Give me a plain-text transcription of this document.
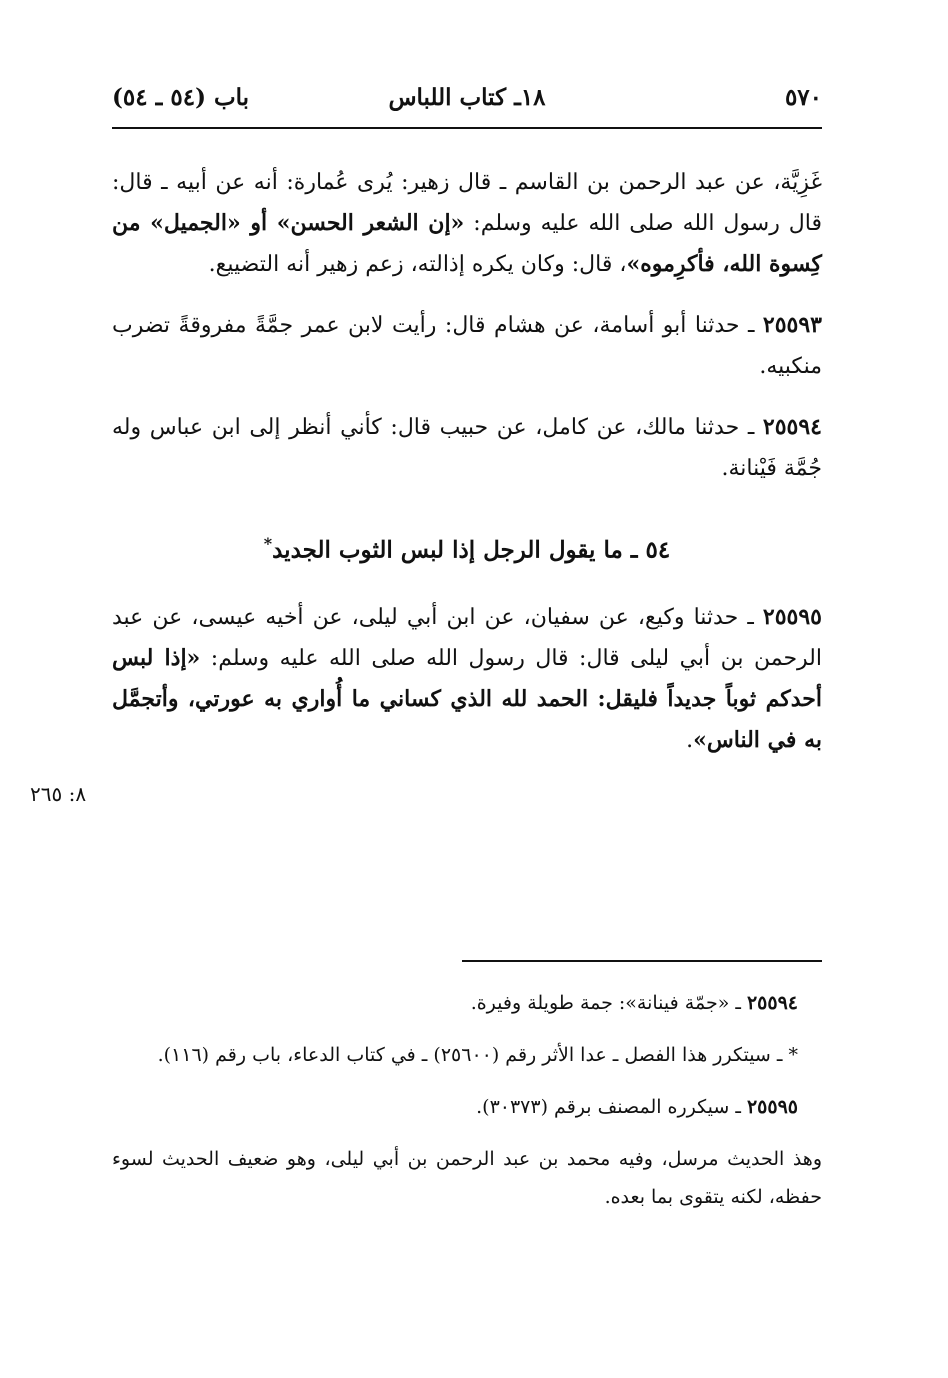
٥٧٠
١٨ـ كتاب اللباس
باب (٥٤ ـ ٥٤)
٨: ٢٦٥

غَزِيَّة، عن عبد الرحمن بن القاسم ـ قال زهير: يُرى عُمارة: أنه عن أبيه ـ قال: قال رسول الله صلى الله عليه وسلم: «إن الشعر الحسن» أو «الجميل» من كِسوة الله، فأكرِموه»، قال: وكان يكره إذالته، زعم زهير أنه التضييع.

٢٥٥٩٣ ـ حدثنا أبو أسامة، عن هشام قال: رأيت لابن عمر جمَّةً مفروقةً تضرب منكبيه.

٢٥٥٩٤ ـ حدثنا مالك، عن كامل، عن حبيب قال: كأني أنظر إلى ابن عباس وله جُمَّة فَيْنانة.

٥٤ ـ ما يقول الرجل إذا لبس الثوب الجديد*

٢٥٥٩٥ ـ حدثنا وكيع، عن سفيان، عن ابن أبي ليلى، عن أخيه عيسى، عن عبد الرحمن بن أبي ليلى قال: قال رسول الله صلى الله عليه وسلم: «إذا لبس أحدكم ثوباً جديداً فليقل: الحمد لله الذي كساني ما أُواري به عورتي، وأتجمَّل به في الناس».

٢٥٥٩٤ ـ «جمّة فينانة»: جمة طويلة وفيرة.

* ـ سيتكرر هذا الفصل ـ عدا الأثر رقم (٢٥٦٠٠) ـ في كتاب الدعاء، باب رقم (١١٦).

٢٥٥٩٥ ـ سيكرره المصنف برقم (٣٠٣٧٣).

وهذ الحديث مرسل، وفيه محمد بن عبد الرحمن بن أبي ليلى، وهو ضعيف الحديث لسوء حفظه، لكنه يتقوى بما بعده.
